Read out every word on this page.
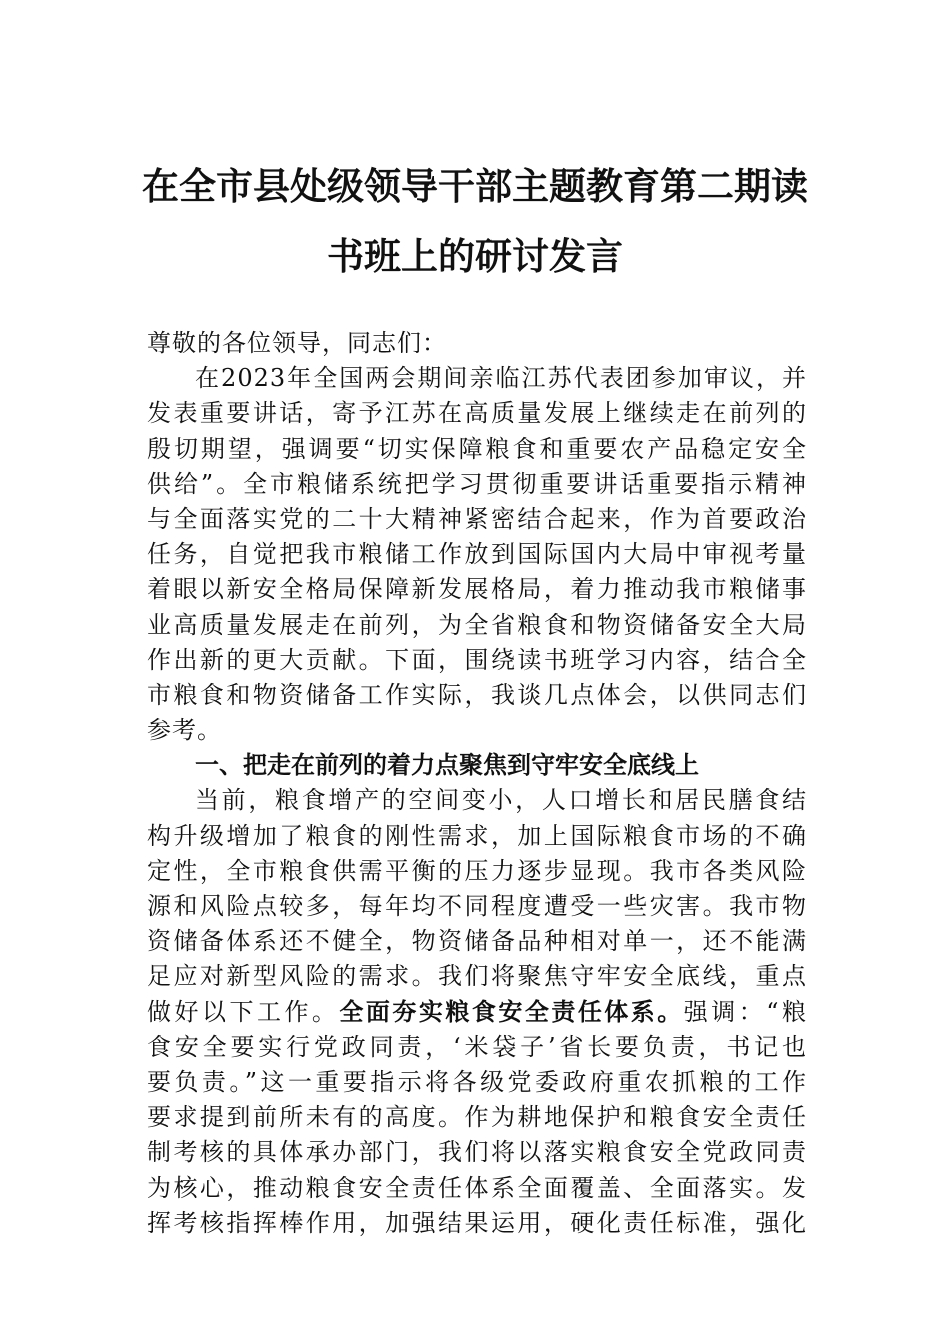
在全市县处级领导干部主题教育第二期读
书班上的研讨发言
尊敬的各位领导，同志们：
在2023年全国两会期间亲临江苏代表团参加审议，并
发表重要讲话，寄予江苏在高质量发展上继续走在前列的
殷切期望，强调要“切实保障粮食和重要农产品稳定安全
供给”。全市粮储系统把学习贯彻重要讲话重要指示精神
与全面落实党的二十大精神紧密结合起来，作为首要政治
任务，自觉把我市粮储工作放到国际国内大局中审视考量
着眼以新安全格局保障新发展格局，着力推动我市粮储事
业高质量发展走在前列，为全省粮食和物资储备安全大局
作出新的更大贡献。下面，围绕读书班学习内容，结合全
市粮食和物资储备工作实际，我谈几点体会，以供同志们
参考。
一、把走在前列的着力点聚焦到守牢安全底线上
当前，粮食增产的空间变小，人口增长和居民膳食结
构升级增加了粮食的刚性需求，加上国际粮食市场的不确
定性，全市粮食供需平衡的压力逐步显现。我市各类风险
源和风险点较多，每年均不同程度遭受一些灾害。我市物
资储备体系还不健全，物资储备品种相对单一，还不能满
足应对新型风险的需求。我们将聚焦守牢安全底线，重点
做好以下工作。全面夯实粮食安全责任体系。强调：“粮
食安全要实行党政同责，‘米袋子’省长要负责，书记也
要负责。”这一重要指示将各级党委政府重农抓粮的工作
要求提到前所未有的高度。作为耕地保护和粮食安全责任
制考核的具体承办部门，我们将以落实粮食安全党政同责
为核心，推动粮食安全责任体系全面覆盖、全面落实。发
挥考核指挥棒作用，加强结果运用，硬化责任标准，强化
